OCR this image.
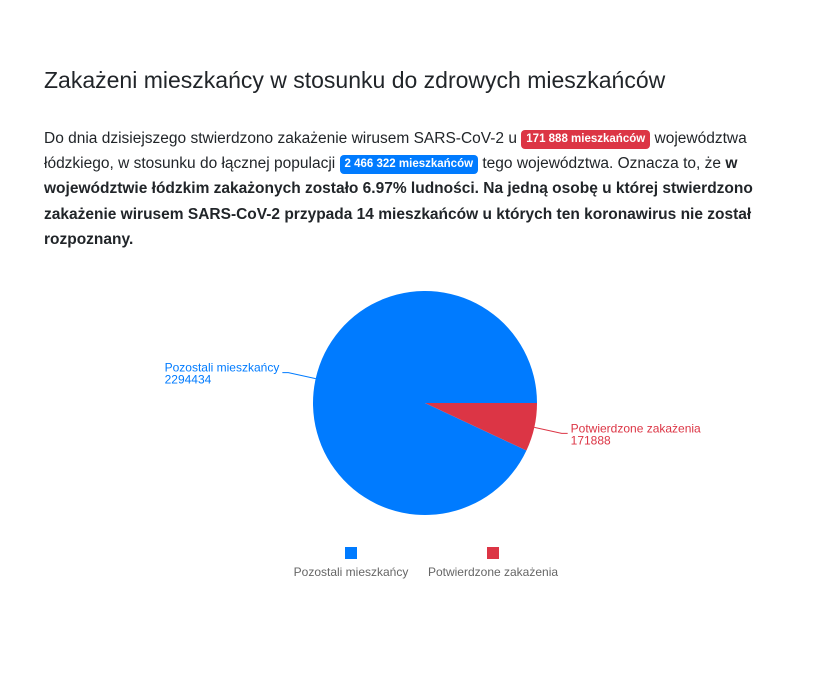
Zakażeni mieszkańcy w stosunku do zdrowych mieszkańców

Do dnia dzisiejszego stwierdzono zakażenie wirusem SARS-CoV-2 u 171 888 mieszkańców województwa łódzkiego, w stosunku do łącznej populacji 2 466 322 mieszkańców tego województwa. Oznacza to, że w województwie łódzkim zakażonych zostało 6.97% ludności. Na jedną osobę u której stwierdzono zakażenie wirusem SARS-CoV-2 przypada 14 mieszkańców u których ten koronawirus nie został rozpoznany.

Pozostali mieszkańcy
2294434
Potwierdzone zakażenia
171888
Pozostali mieszkańcy Potwierdzone zakażenia
